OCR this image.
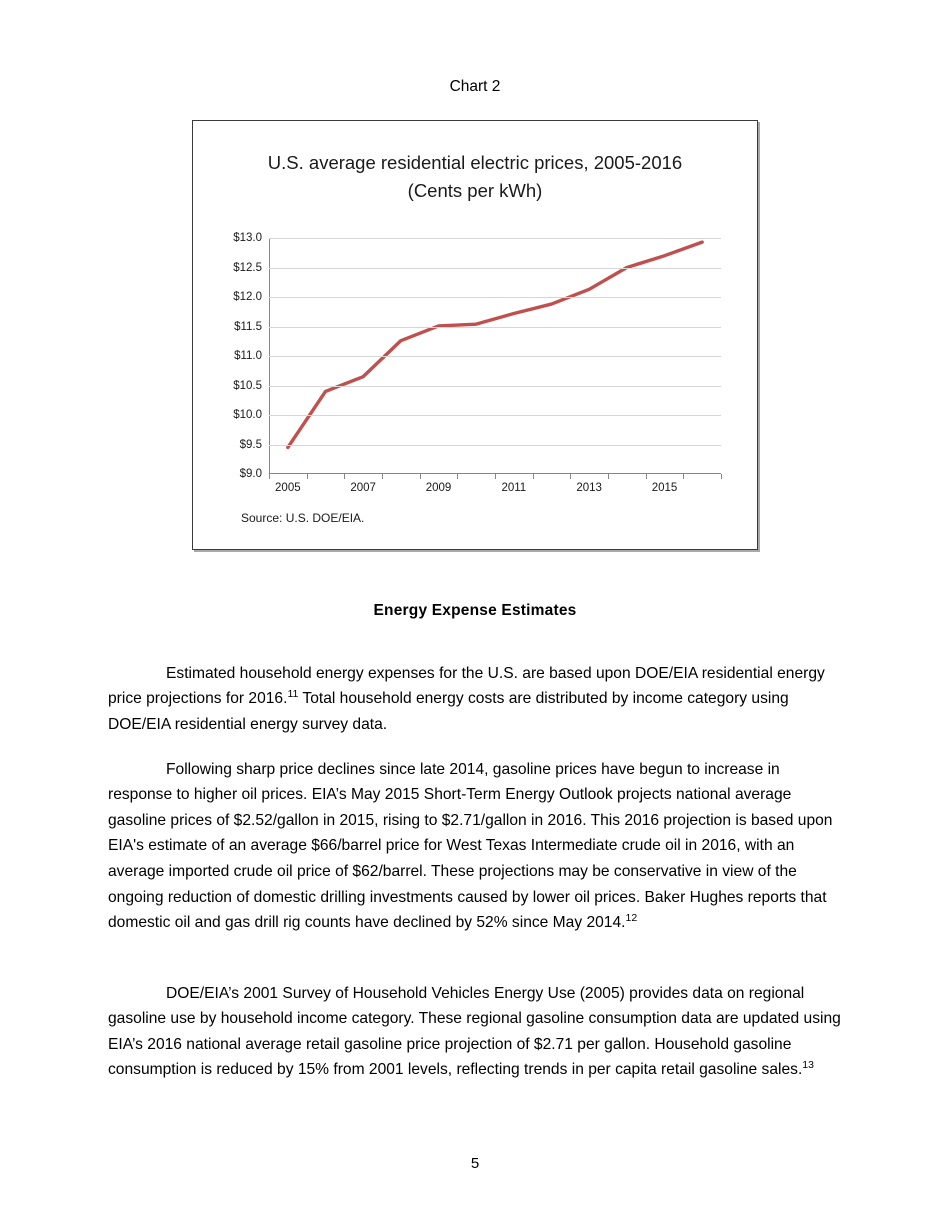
Chart 2
U.S. average residential electric prices, 2005-2016
(Cents per kWh)
$9.0
$9.5
$10.0
$10.5
$11.0
$11.5
$12.0
$12.5
$13.0
2005	2007	2009	2011	2013	2015
Source: U.S. DOE/EIA.
Energy Expense Estimates

Estimated household energy expenses for the U.S. are based upon DOE/EIA residential energy price projections for 2016.11 Total household energy costs are distributed by income category using DOE/EIA residential energy survey data.

Following sharp price declines since late 2014, gasoline prices have begun to increase in response to higher oil prices. EIA’s May 2015 Short-Term Energy Outlook projects national average gasoline prices of $2.52/gallon in 2015, rising to $2.71/gallon in 2016. This 2016 projection is based upon EIA's estimate of an average $66/barrel price for West Texas Intermediate crude oil in 2016, with an average imported crude oil price of $62/barrel. These projections may be conservative in view of the ongoing reduction of domestic drilling investments caused by lower oil prices. Baker Hughes reports that domestic oil and gas drill rig counts have declined by 52% since May 2014.12

DOE/EIA’s 2001 Survey of Household Vehicles Energy Use (2005) provides data on regional gasoline use by household income category. These regional gasoline consumption data are updated using EIA’s 2016 national average retail gasoline price projection of $2.71 per gallon. Household gasoline consumption is reduced by 15% from 2001 levels, reflecting trends in per capita retail gasoline sales.$^{13}$

5
